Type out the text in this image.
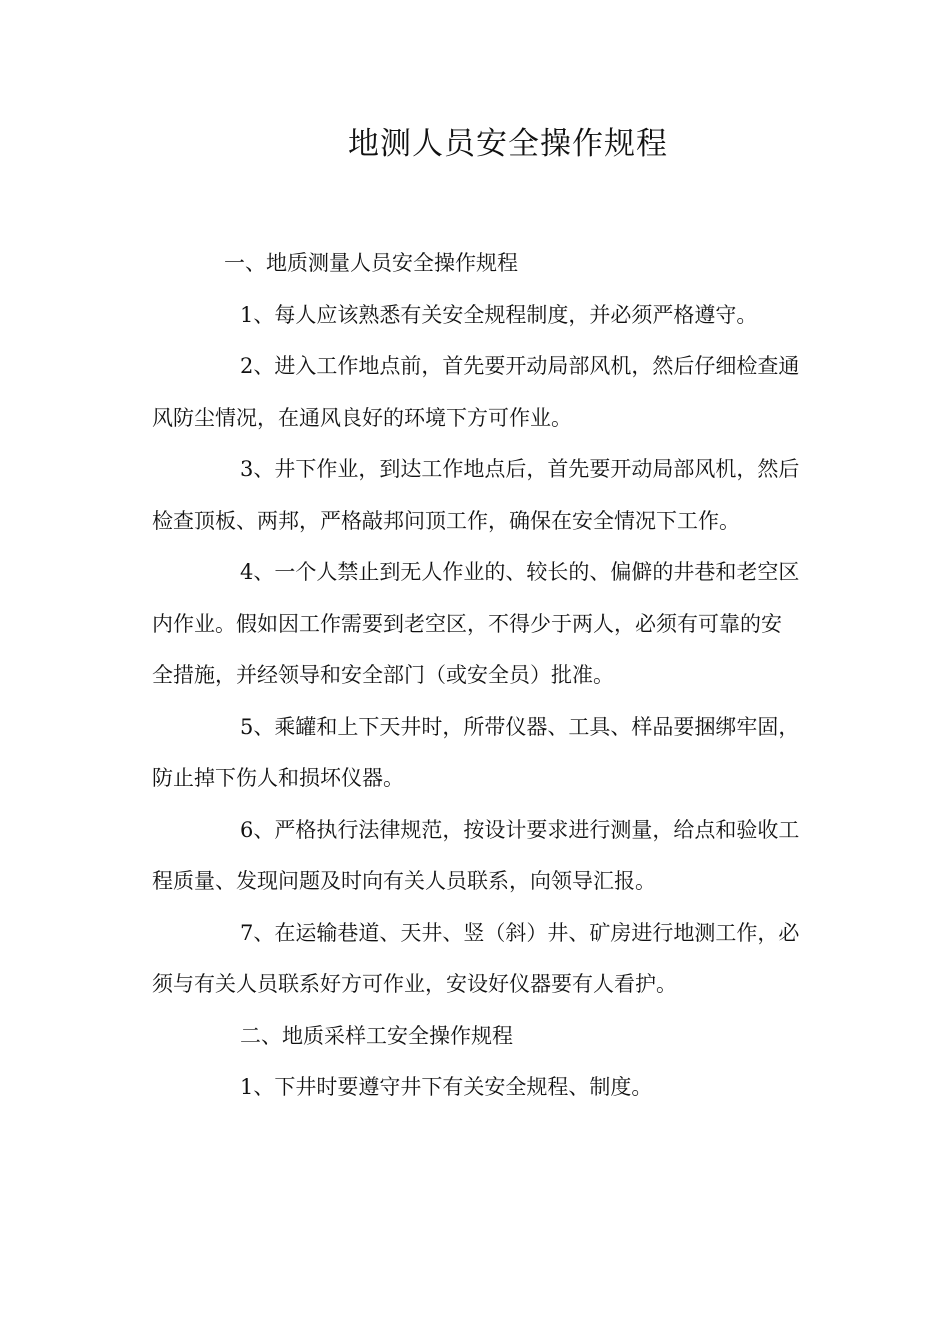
地测人员安全操作规程

一、地质测量人员安全操作规程

1、每人应该熟悉有关安全规程制度，并必须严格遵守。

2、进入工作地点前，首先要开动局部风机，然后仔细检查通风防尘情况，在通风良好的环境下方可作业。

3、井下作业，到达工作地点后，首先要开动局部风机，然后检查顶板、两邦，严格敲邦问顶工作，确保在安全情况下工作。

4、一个人禁止到无人作业的、较长的、偏僻的井巷和老空区内作业。假如因工作需要到老空区，不得少于两人，必须有可靠的安全措施，并经领导和安全部门（或安全员）批准。

5、乘罐和上下天井时，所带仪器、工具、样品要捆绑牢固，防止掉下伤人和损坏仪器。

6、严格执行法律规范，按设计要求进行测量，给点和验收工程质量、发现问题及时向有关人员联系，向领导汇报。

7、在运输巷道、天井、竖（斜）井、矿房进行地测工作，必须与有关人员联系好方可作业，安设好仪器要有人看护。

二、地质采样工安全操作规程

1、下井时要遵守井下有关安全规程、制度。
